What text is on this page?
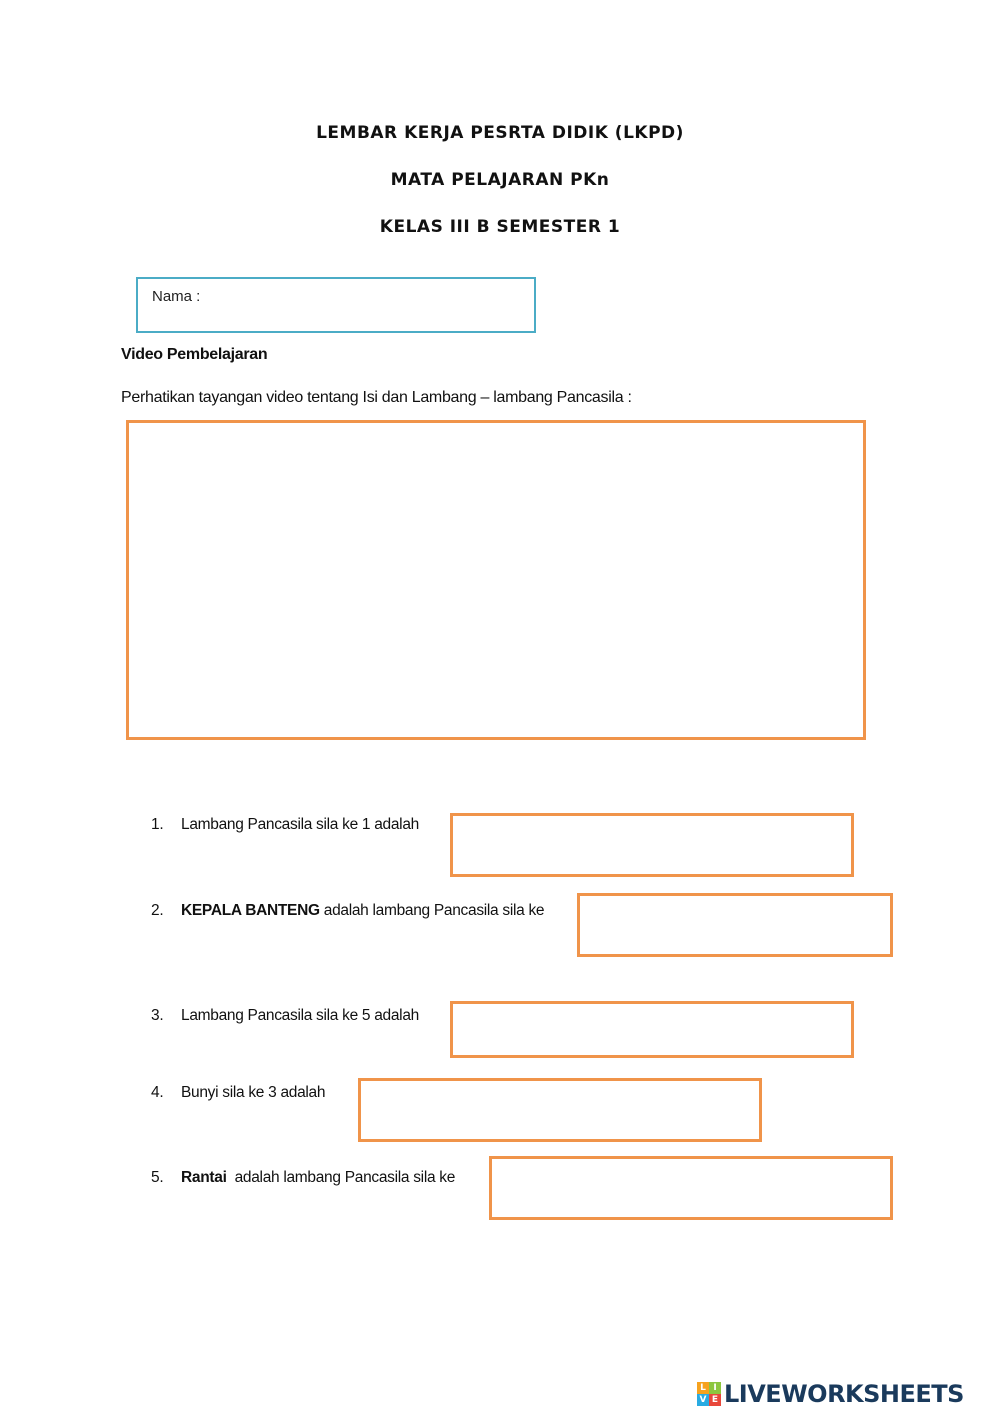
LEMBAR KERJA PESRTA DIDIK (LKPD)
MATA PELAJARAN PKn
KELAS III B SEMESTER 1
Nama :
Video Pembelajaran
Perhatikan tayangan video tentang Isi dan Lambang – lambang Pancasila :
1. Lambang Pancasila sila ke 1 adalah
2. KEPALA BANTENG adalah lambang Pancasila sila ke
3. Lambang Pancasila sila ke 5 adalah
4. Bunyi sila ke 3 adalah
5. Rantai  adalah lambang Pancasila sila ke
L I
V E LIVEWORKSHEETS
